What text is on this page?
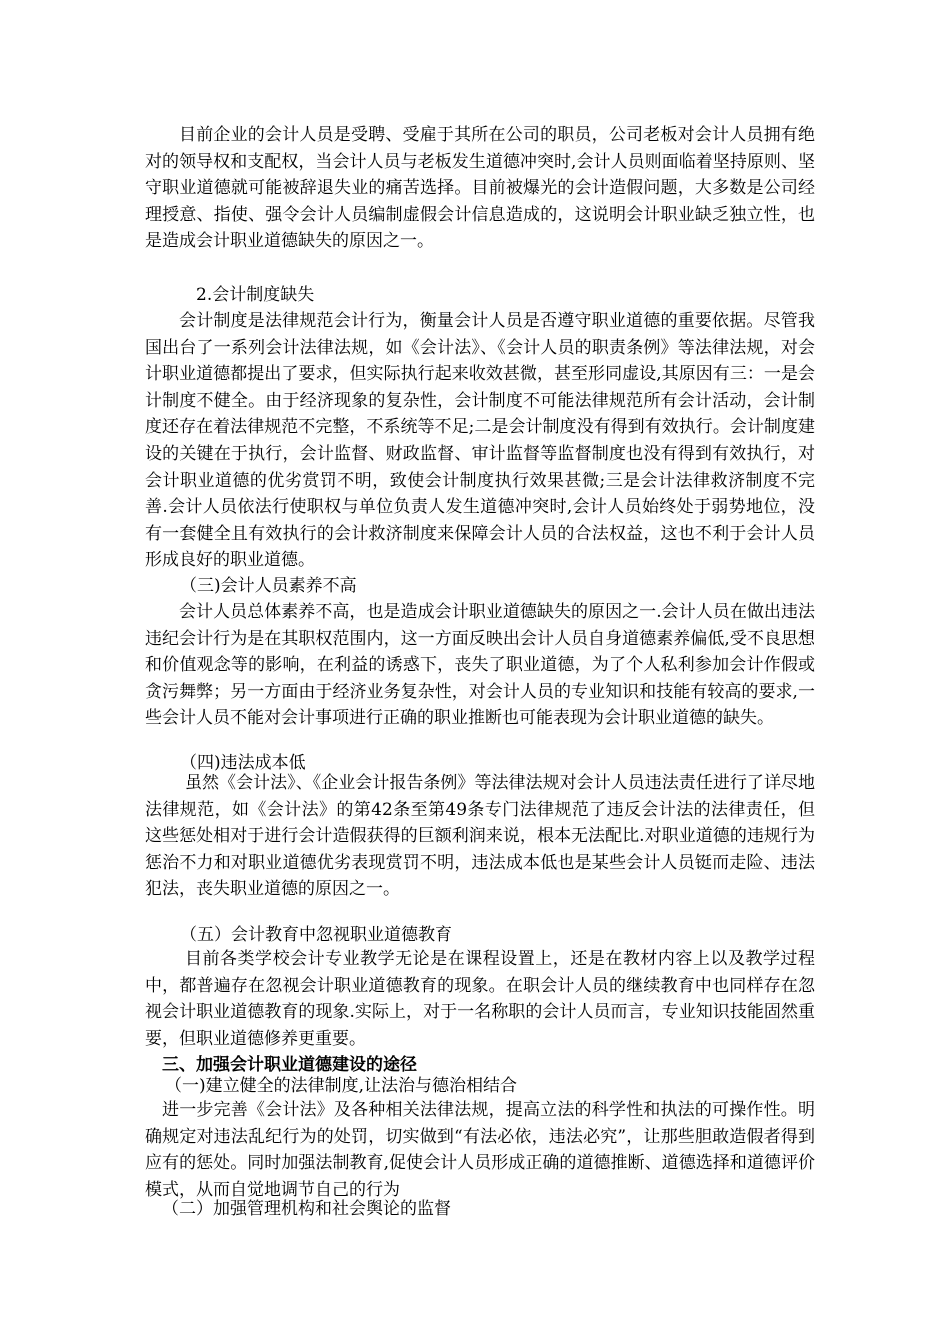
目前企业的会计人员是受聘、受雇于其所在公司的职员，公司老板对会计人员拥有绝对的领导权和支配权，当会计人员与老板发生道德冲突时,会计人员则面临着坚持原则、坚守职业道德就可能被辞退失业的痛苦选择。目前被爆光的会计造假问题，大多数是公司经理授意、指使、强令会计人员编制虚假会计信息造成的，这说明会计职业缺乏独立性，也是造成会计职业道德缺失的原因之一。

2.会计制度缺失

会计制度是法律规范会计行为，衡量会计人员是否遵守职业道德的重要依据。尽管我国出台了一系列会计法律法规，如《会计法》、《会计人员的职责条例》等法律法规，对会计职业道德都提出了要求，但实际执行起来收效甚微，甚至形同虚设,其原因有三：一是会计制度不健全。由于经济现象的复杂性，会计制度不可能法律规范所有会计活动，会计制度还存在着法律规范不完整，不系统等不足;二是会计制度没有得到有效执行。会计制度建设的关键在于执行，会计监督、财政监督、审计监督等监督制度也没有得到有效执行，对会计职业道德的优劣赏罚不明，致使会计制度执行效果甚微;三是会计法律救济制度不完善.会计人员依法行使职权与单位负责人发生道德冲突时,会计人员始终处于弱势地位，没有一套健全且有效执行的会计救济制度来保障会计人员的合法权益，这也不利于会计人员形成良好的职业道德。

（三)会计人员素养不高

会计人员总体素养不高，也是造成会计职业道德缺失的原因之一.会计人员在做出违法违纪会计行为是在其职权范围内，这一方面反映出会计人员自身道德素养偏低,受不良思想和价值观念等的影响，在利益的诱惑下，丧失了职业道德，为了个人私利参加会计作假或贪污舞弊；另一方面由于经济业务复杂性，对会计人员的专业知识和技能有较高的要求,一些会计人员不能对会计事项进行正确的职业推断也可能表现为会计职业道德的缺失。

（四)违法成本低

虽然《会计法》、《企业会计报告条例》等法律法规对会计人员违法责任进行了详尽地法律规范，如《会计法》的第42条至第49条专门法律规范了违反会计法的法律责任，但这些惩处相对于进行会计造假获得的巨额利润来说，根本无法配比.对职业道德的违规行为惩治不力和对职业道德优劣表现赏罚不明，违法成本低也是某些会计人员铤而走险、违法犯法，丧失职业道德的原因之一。

（五）会计教育中忽视职业道德教育

目前各类学校会计专业教学无论是在课程设置上，还是在教材内容上以及教学过程中，都普遍存在忽视会计职业道德教育的现象。在职会计人员的继续教育中也同样存在忽视会计职业道德教育的现象.实际上，对于一名称职的会计人员而言，专业知识技能固然重要，但职业道德修养更重要。

三、加强会计职业道德建设的途径
（一)建立健全的法律制度,让法治与德治相结合

进一步完善《会计法》及各种相关法律法规，提高立法的科学性和执法的可操作性。明确规定对违法乱纪行为的处罚，切实做到“有法必依，违法必究”，让那些胆敢造假者得到应有的惩处。同时加强法制教育,促使会计人员形成正确的道德推断、道德选择和道德评价模式，从而自觉地调节自己的行为

（二）加强管理机构和社会舆论的监督
